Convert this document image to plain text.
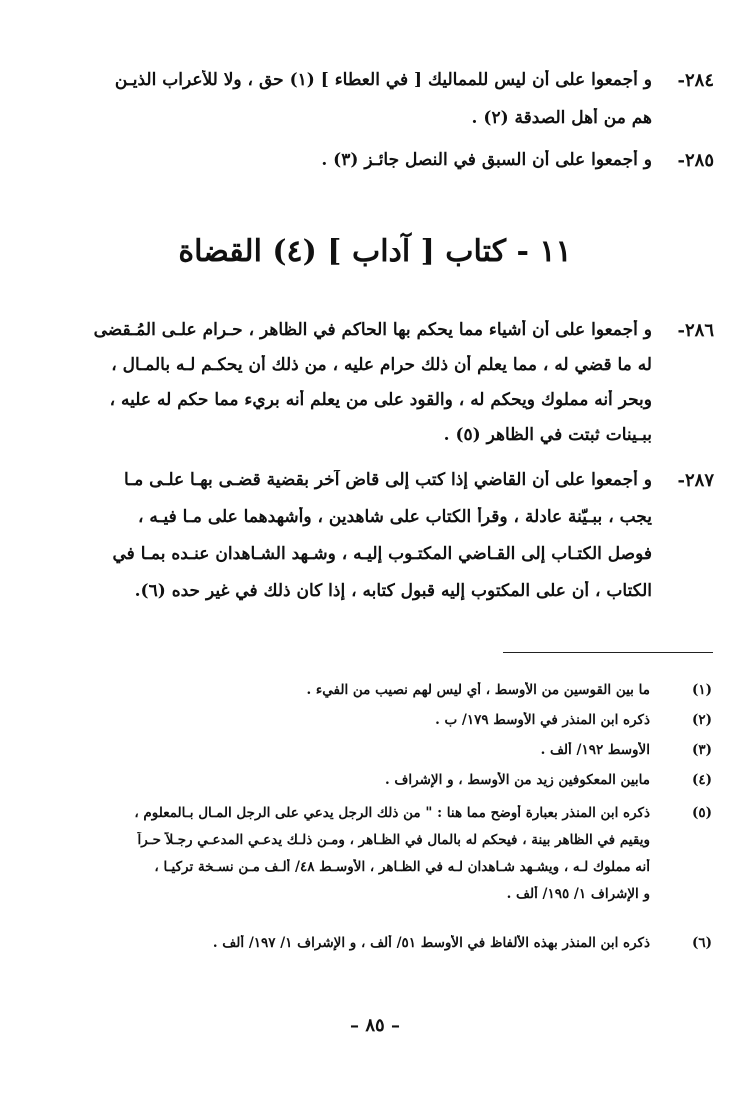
٢٨٤-
و أجمعوا على أن ليس للمماليك [ في العطاء ] (١) حق ، ولا للأعراب الذيـن
هم من أهل الصدقة (٢) .
٢٨٥-
و أجمعوا على أن السبق في النصل جائـز (٣) .
١١ - كتاب [ آداب ] (٤) القضاة
٢٨٦-
و أجمعوا على أن أشياء مما يحكم بها الحاكم في الظاهر ، حـرام علـى المُـقضى
له ما قضي له ، مما يعلم أن ذلك حرام عليه ، من ذلك أن يحكـم لـه بالمـال ،
وبحر أنه مملوك ويحكم له ، والقود على من يعلم أنه بريء مما حكم له عليه ،
ببـينات ثبتت في الظاهر (٥) .
٢٨٧-
و أجمعوا على أن القاضي إذا كتب إلى قاض آخر بقضية قضـى بهـا علـى مـا
يجب ، ببـيّنة عادلة ، وقرأ الكتاب على شاهدين ، وأشهدهما على مـا فيـه ،
فوصل الكتـاب إلى القـاضي المكتـوب إليـه ، وشـهد الشـاهدان عنـده بمـا في
الكتاب ، أن على المكتوب إليه قبول كتابه ، إذا كان ذلك في غير حده (٦).
(١)
ما بين القوسين من الأوسط ، أي ليس لهم نصيب من الفيء .
(٢)
ذكره ابن المنذر في الأوسط ١٧٩/ ب .
(٣)
الأوسط ١٩٢/ ألف .
(٤)
مابين المعكوفين زيد من الأوسط ، و الإشراف .
(٥)
ذكره ابن المنذر بعبارة أوضح مما هنا : " من ذلك الرجل يدعي على الرجل المـال بـالمعلوم ،
ويقيم في الظاهر بينة ، فيحكم له بالمال في الظـاهر ، ومـن ذلـك يدعـي المدعـي رجـلاً حـراً
أنه مملوك لـه ، ويشـهد شـاهدان لـه في الظـاهر ، الأوسـط ٤٨/ ألـف مـن نسـخة تركيـا ،
و الإشراف ١/ ١٩٥/ ألف .
(٦)
ذكره ابن المنذر بهذه الألفاظ في الأوسط ٥١/ ألف ، و الإشراف ١/ ١٩٧/ ألف .
– ٨٥ –
